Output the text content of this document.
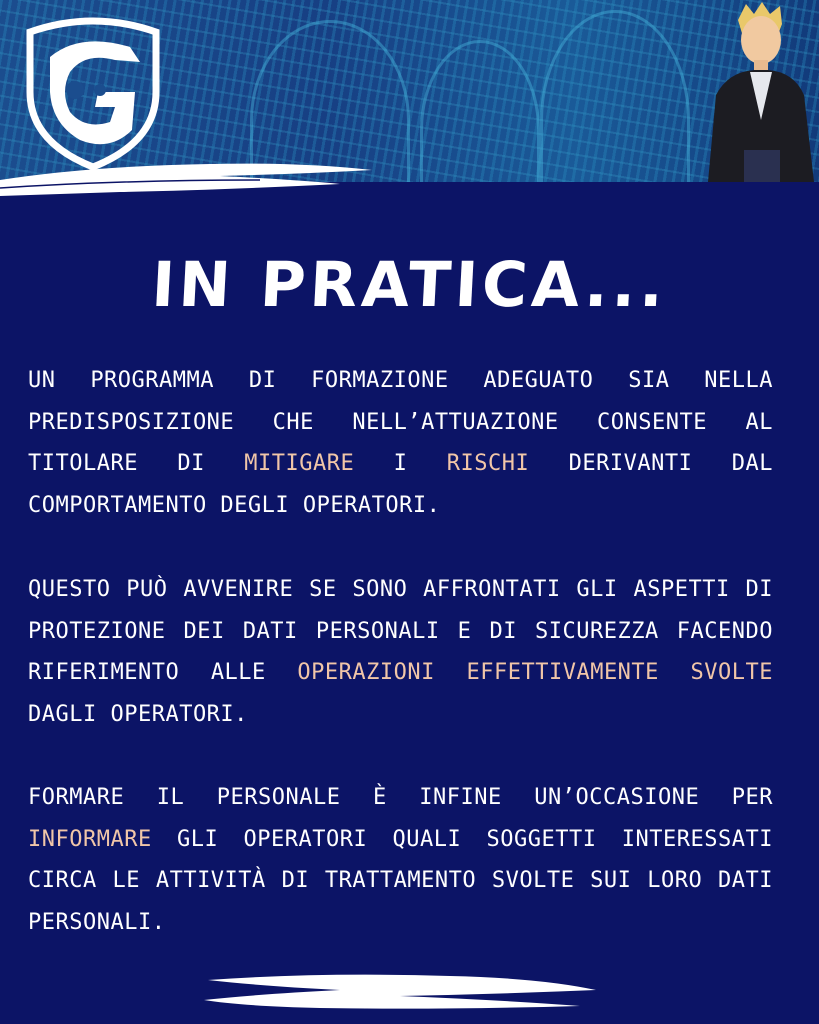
IN PRATICA...
UN PROGRAMMA DI FORMAZIONE ADEGUATO SIA NELLA PREDISPOSIZIONE CHE NELL’ATTUAZIONE CONSENTE AL TITOLARE DI MITIGARE I RISCHI DERIVANTI DAL COMPORTAMENTO DEGLI OPERATORI.
QUESTO PUÒ AVVENIRE SE SONO AFFRONTATI GLI ASPETTI DI PROTEZIONE DEI DATI PERSONALI E DI SICUREZZA FACENDO RIFERIMENTO ALLE OPERAZIONI EFFETTIVAMENTE SVOLTE DAGLI OPERATORI.
FORMARE IL PERSONALE È INFINE UN’OCCASIONE PER INFORMARE GLI OPERATORI QUALI SOGGETTI INTERESSATI CIRCA LE ATTIVITÀ DI TRATTAMENTO SVOLTE SUI LORO DATI PERSONALI.
